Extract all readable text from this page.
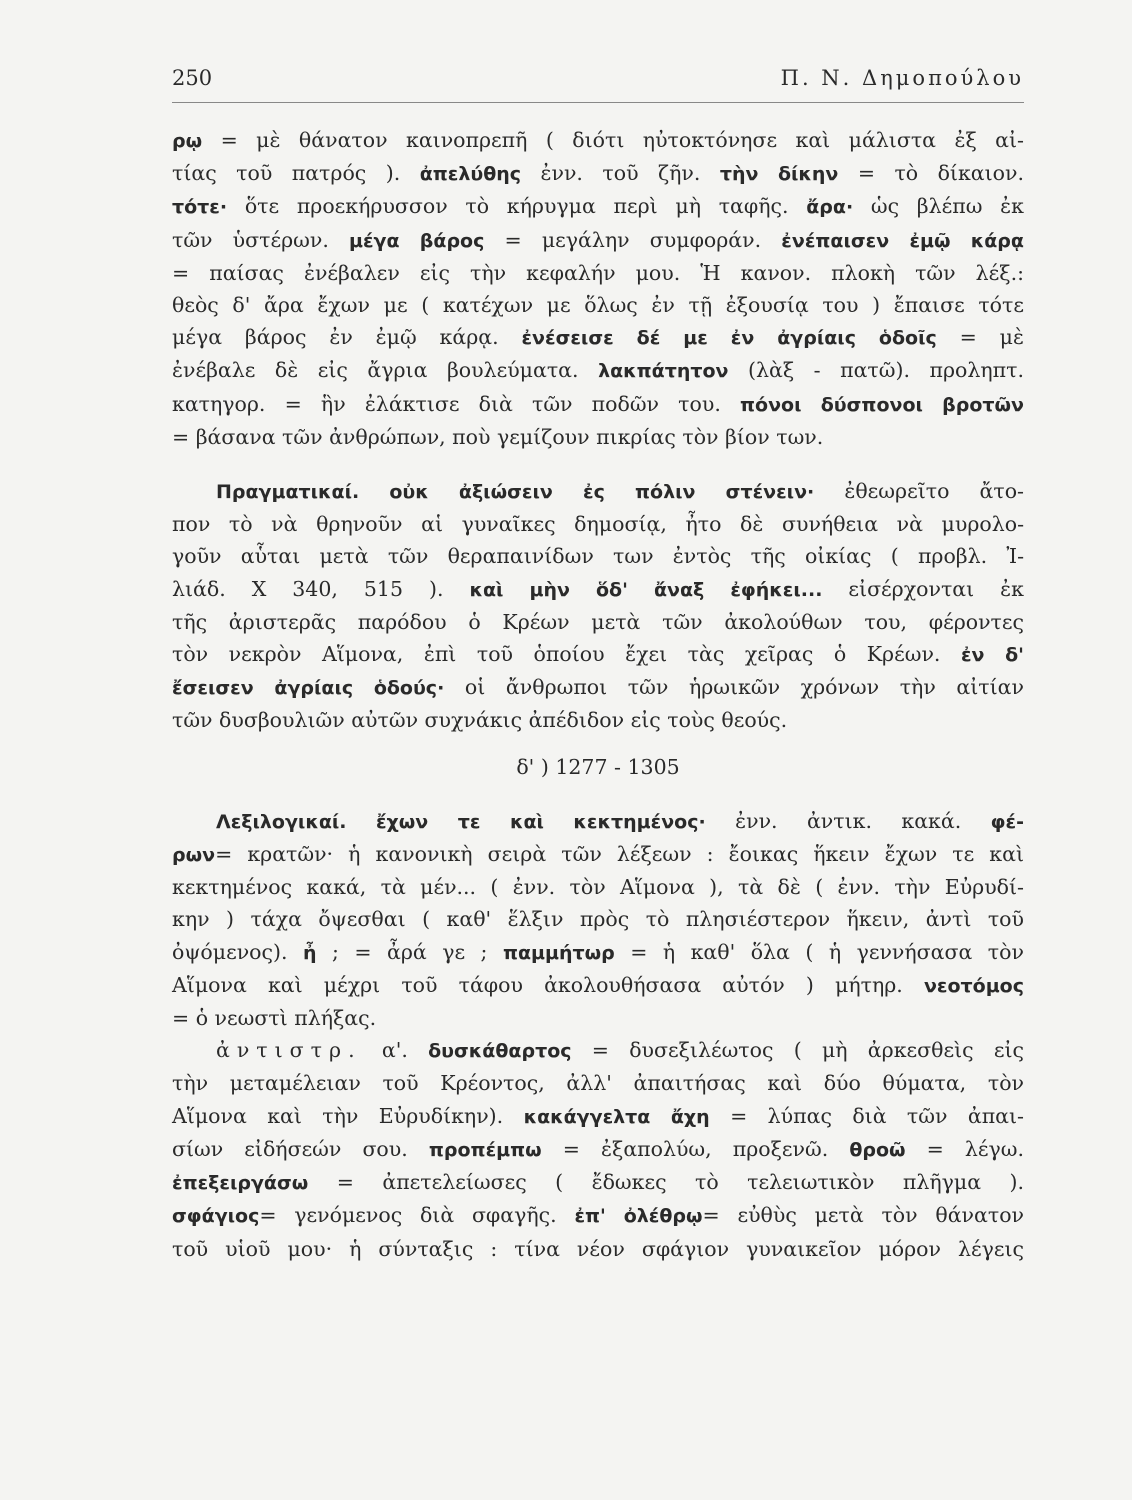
250	Π. Ν. Δημοπούλου
ρῳ = μὲ θάνατον καινοπρεπῆ ( διότι ηὐτοκτόνησε καὶ μάλιστα ἐξ αἰ-
τίας τοῦ πατρός ). ἀπελύθης ἐνν. τοῦ ζῆν. τὴν δίκην = τὸ δίκαιον.
τότε· ὅτε προεκήρυσσον τὸ κήρυγμα περὶ μὴ ταφῆς. ἄρα· ὡς βλέπω ἐκ
τῶν ὑστέρων. μέγα βάρος = μεγάλην συμφοράν. ἐνέπαισεν ἐμῷ κάρᾳ
= παίσας ἐνέβαλεν εἰς τὴν κεφαλήν μου. Ἡ κανον. πλοκὴ τῶν λέξ.:
θεὸς δ' ἄρα ἔχων με ( κατέχων με ὅλως ἐν τῇ ἐξουσίᾳ του ) ἔπαισε τότε
μέγα βάρος ἐν ἐμῷ κάρᾳ. ἐνέσεισε δέ με ἐν ἀγρίαις ὁδοῖς = μὲ
ἐνέβαλε δὲ εἰς ἄγρια βουλεύματα. λακπάτητον (λὰξ - πατῶ). προληπτ.
κατηγορ. = ἣν ἐλάκτισε διὰ τῶν ποδῶν του. πόνοι δύσπονοι βροτῶν
= βάσανα τῶν ἀνθρώπων, ποὺ γεμίζουν πικρίας τὸν βίον των.
Πραγματικαί. οὐκ ἀξιώσειν ἐς πόλιν στένειν· ἐθεωρεῖτο ἄτο-
πον τὸ νὰ θρηνοῦν αἱ γυναῖκες δημοσίᾳ, ἦτο δὲ συνήθεια νὰ μυρολο-
γοῦν αὗται μετὰ τῶν θεραπαινίδων των ἐντὸς τῆς οἰκίας ( προβλ. Ἰ-
λιάδ. Χ 340, 515 ). καὶ μὴν ὅδ' ἄναξ ἐφήκει... εἰσέρχονται ἐκ
τῆς ἀριστερᾶς παρόδου ὁ Κρέων μετὰ τῶν ἀκολούθων του, φέροντες
τὸν νεκρὸν Αἵμονα, ἐπὶ τοῦ ὁποίου ἔχει τὰς χεῖρας ὁ Κρέων. ἐν δ'
ἔσεισεν ἀγρίαις ὁδούς· οἱ ἄνθρωποι τῶν ἡρωικῶν χρόνων τὴν αἰτίαν
τῶν δυσβουλιῶν αὐτῶν συχνάκις ἀπέδιδον εἰς τοὺς θεούς.
δ' ) 1277 - 1305
Λεξιλογικαί. ἔχων τε καὶ κεκτημένος· ἐνν. ἀντικ. κακά. φέ-
ρων= κρατῶν· ἡ κανονικὴ σειρὰ τῶν λέξεων : ἔοικας ἥκειν ἔχων τε καὶ
κεκτημένος κακά, τὰ μέν... ( ἐνν. τὸν Αἵμονα ), τὰ δὲ ( ἐνν. τὴν Εὐρυδί-
κην ) τάχα ὄψεσθαι ( καθ' ἕλξιν πρὸς τὸ πλησιέστερον ἥκειν, ἀντὶ τοῦ
ὀψόμενος). ἦ ; = ἆρά γε ; παμμήτωρ = ἡ καθ' ὅλα ( ἡ γεννήσασα τὸν
Αἵμονα καὶ μέχρι τοῦ τάφου ἀκολουθήσασα αὐτόν ) μήτηρ. νεοτόμος
= ὁ νεωστὶ πλήξας.
ἀντιστρ. α'. δυσκάθαρτος = δυσεξιλέωτος ( μὴ ἀρκεσθεὶς εἰς
τὴν μεταμέλειαν τοῦ Κρέοντος, ἀλλ' ἀπαιτήσας καὶ δύο θύματα, τὸν
Αἵμονα καὶ τὴν Εὐρυδίκην). κακάγγελτα ἄχη = λύπας διὰ τῶν ἀπαι-
σίων εἰδήσεών σου. προπέμπω = ἐξαπολύω, προξενῶ. θροῶ = λέγω.
ἐπεξειργάσω = ἀπετελείωσες ( ἔδωκες τὸ τελειωτικὸν πλῆγμα ).
σφάγιος= γενόμενος διὰ σφαγῆς. ἐπ' ὀλέθρῳ= εὐθὺς μετὰ τὸν θάνατον
τοῦ υἱοῦ μου· ἡ σύνταξις : τίνα νέον σφάγιον γυναικεῖον μόρον λέγεις
